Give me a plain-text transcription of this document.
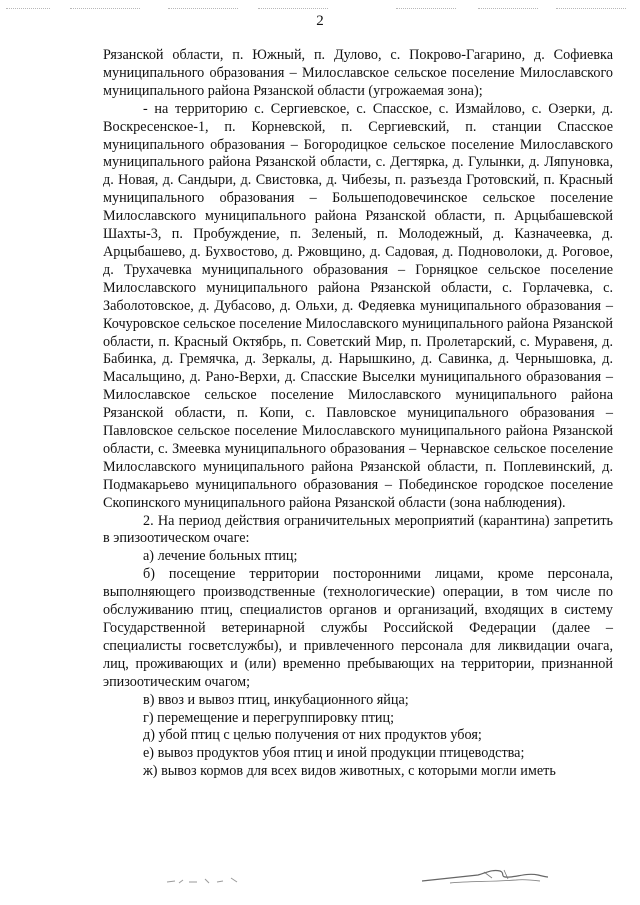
2

Рязанской области, п. Южный, п. Дулово, с. Покрово-Гагарино, д. Софиевка муниципального образования – Милославское сельское поселение Милославского муниципального района Рязанской области (угрожаемая зона);

- на территорию с. Сергиевское, с. Спасское, с. Измайлово, с. Озерки, д. Воскресенское-1, п. Корневской, п. Сергиевский, п. станции Спасское муниципального образования – Богородицкое сельское поселение Милославского муниципального района Рязанской области, с. Дегтярка, д. Гулынки, д. Ляпуновка, д. Новая, д. Сандыри, д. Свистовка, д. Чибезы, п. разъезда Гротовский, п. Красный муниципального образования – Большеподовечинское сельское поселение Милославского муниципального района Рязанской области, п. Арцыбашевской Шахты-3, п. Пробуждение, п. Зеленый, п. Молодежный, д. Казначеевка, д. Арцыбашево, д. Бухвостово, д. Ржовщино, д. Садовая, д. Подноволоки, д. Роговое, д. Трухачевка муниципального образования – Горняцкое сельское поселение Милославского муниципального района Рязанской области, с. Горлачевка, с. Заболотовское, д. Дубасово, д. Ольхи, д. Федяевка муниципального образования – Кочуровское сельское поселение Милославского муниципального района Рязанской области, п. Красный Октябрь, п. Советский Мир, п. Пролетарский, с. Муравеня, д. Бабинка, д. Гремячка, д. Зеркалы, д. Нарышкино, д. Савинка, д. Чернышовка, д. Масальщино, д. Рано-Верхи, д. Спасские Выселки муниципального образования – Милославское сельское поселение Милославского муниципального района Рязанской области, п. Копи, с. Павловское муниципального образования – Павловское сельское поселение Милославского муниципального района Рязанской области, с. Змеевка муниципального образования – Чернавское сельское поселение Милославского муниципального района Рязанской области, п. Поплевинский, д. Подмакарьево муниципального образования – Побединское городское поселение Скопинского муниципального района Рязанской области (зона наблюдения).

2. На период действия ограничительных мероприятий (карантина) запретить в эпизоотическом очаге:

а) лечение больных птиц;

б) посещение территории посторонними лицами, кроме персонала, выполняющего производственные (технологические) операции, в том числе по обслуживанию птиц, специалистов органов и организаций, входящих в систему Государственной ветеринарной службы Российской Федерации (далее – специалисты госветслужбы), и привлеченного персонала для ликвидации очага, лиц, проживающих и (или) временно пребывающих на территории, признанной эпизоотическим очагом;

в) ввоз и вывоз птиц, инкубационного яйца;

г) перемещение и перегруппировку птиц;

д) убой птиц с целью получения от них продуктов убоя;

е) вывоз продуктов убоя птиц и иной продукции птицеводства;

ж) вывоз кормов для всех видов животных, с которыми могли иметь
